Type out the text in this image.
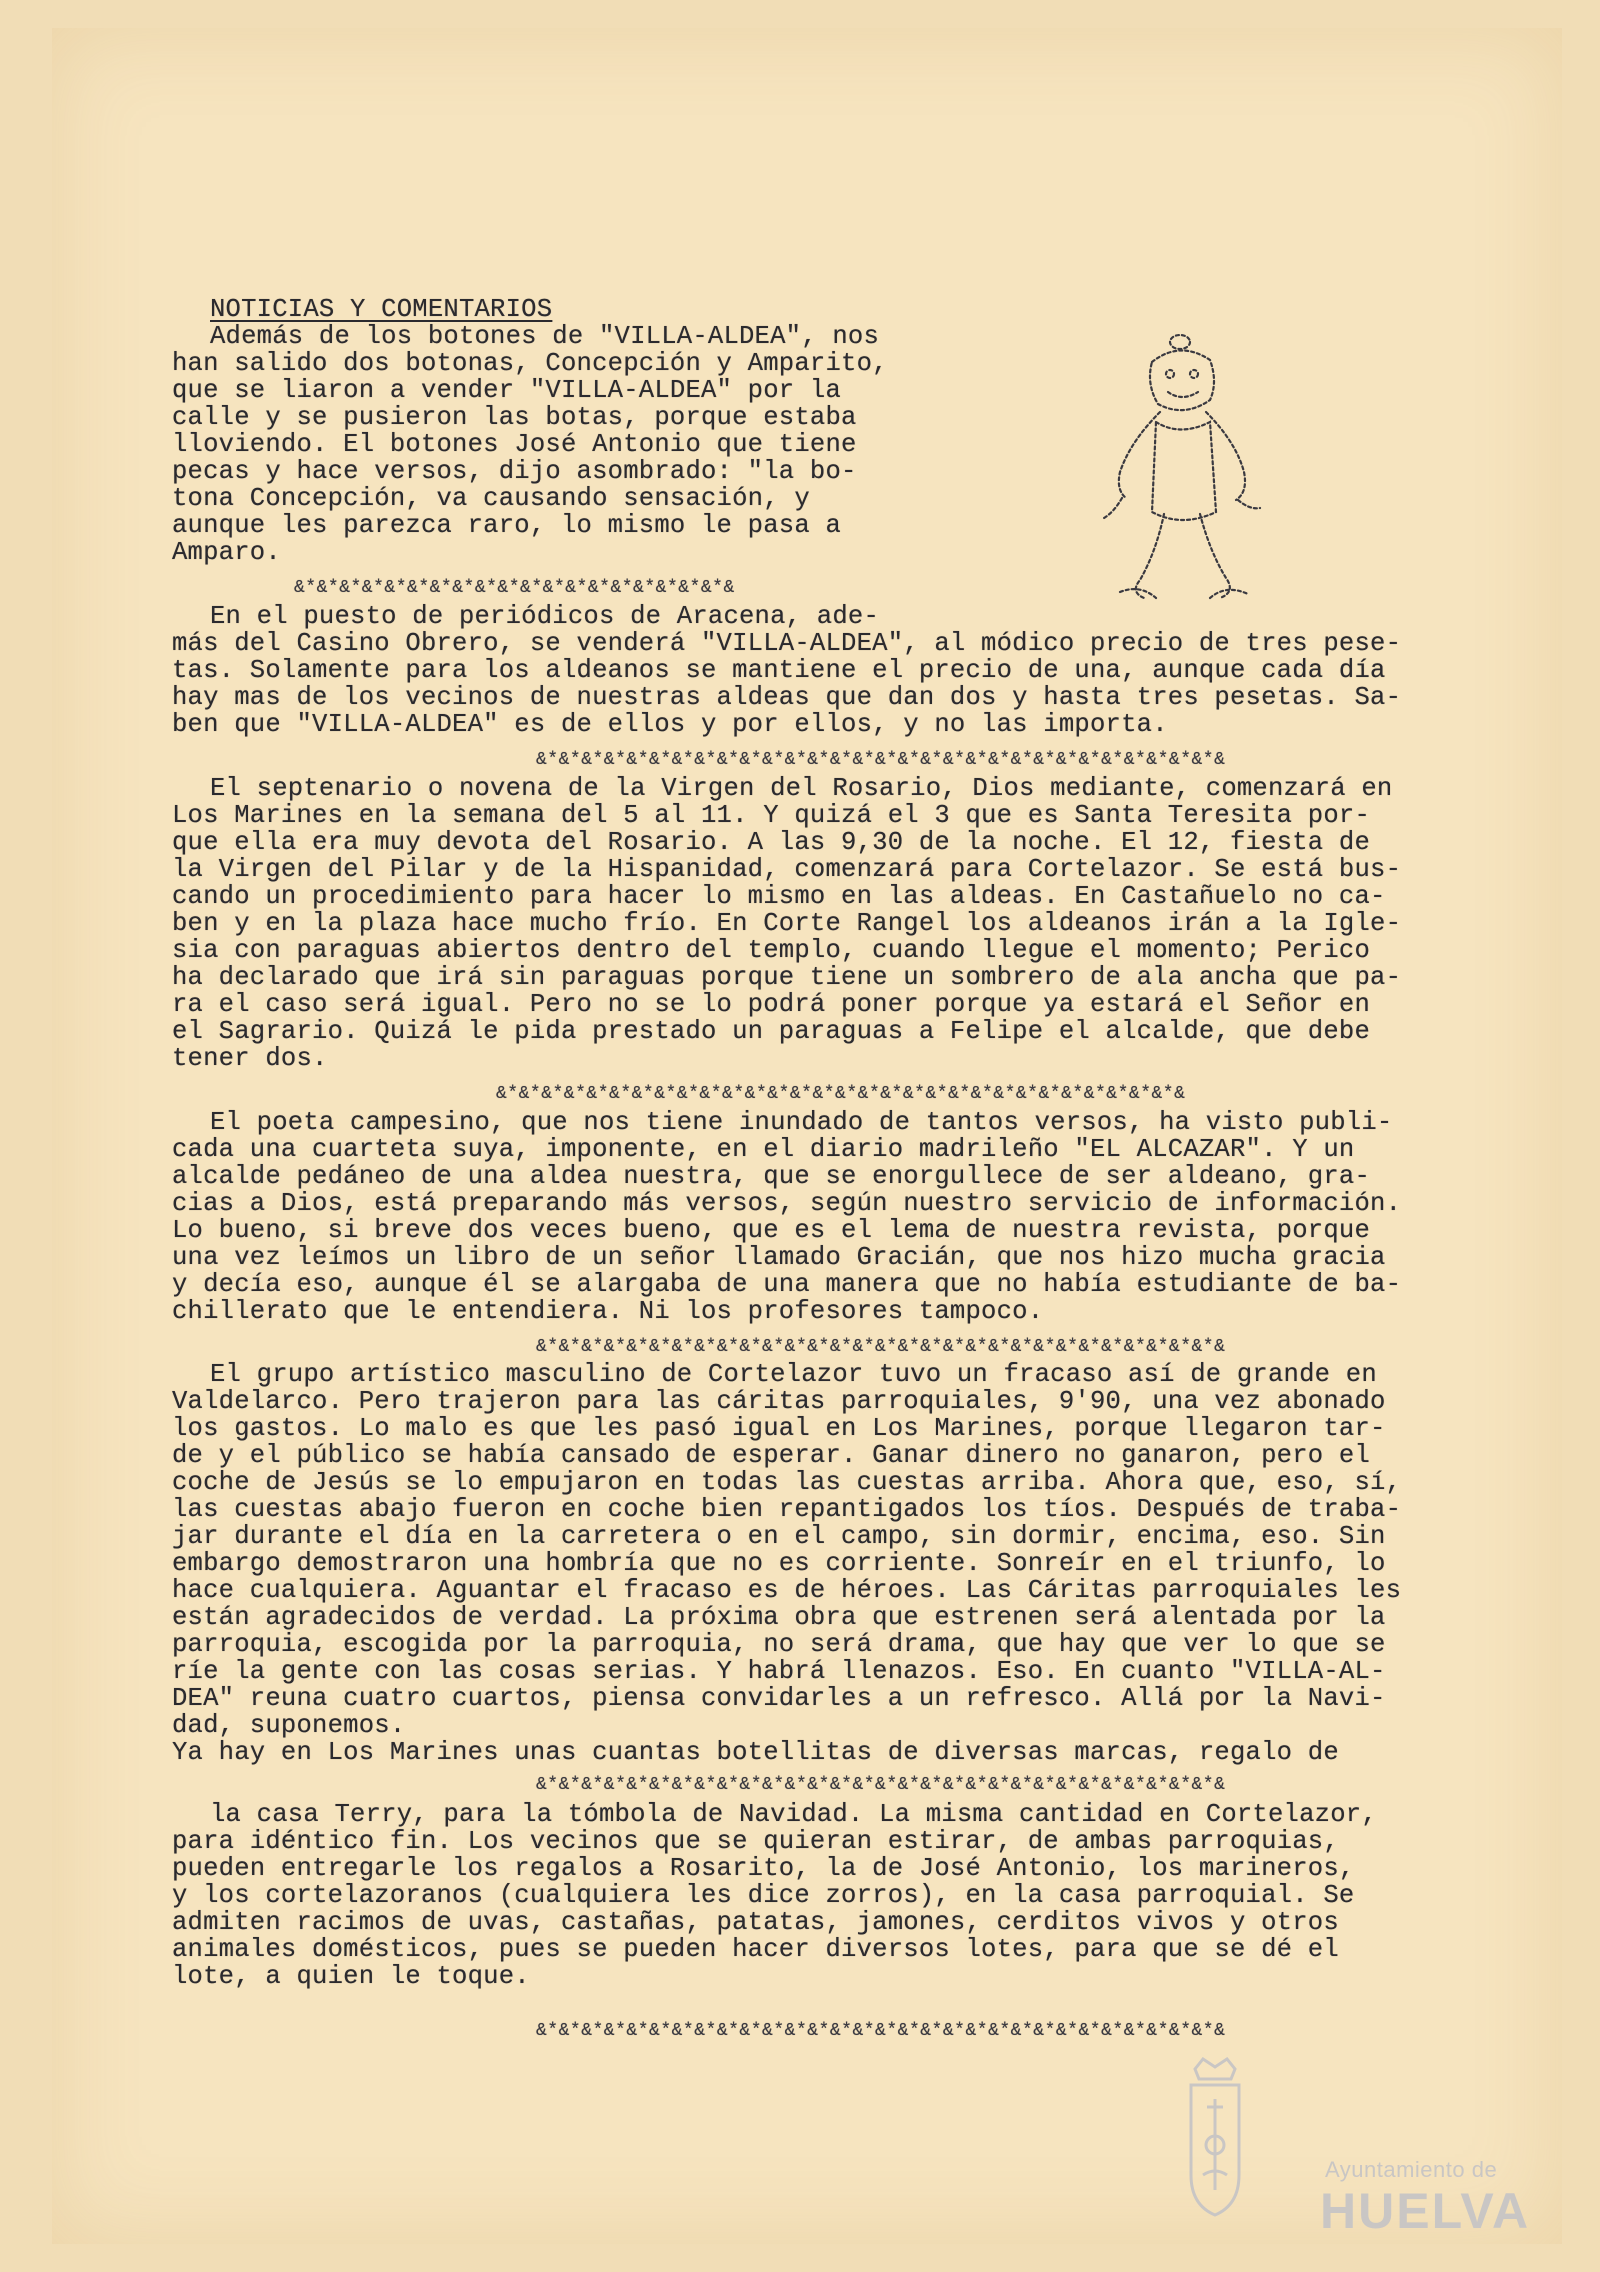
NOTICIAS Y COMENTARIOS
Además de los botones de "VILLA-ALDEA", nos
han salido dos botonas, Concepción y Amparito,
que se liaron a vender "VILLA-ALDEA" por la
calle y se pusieron las botas, porque estaba
lloviendo. El botones José Antonio que tiene
pecas y hace versos, dijo asombrado: "la bo-
tona Concepción, va causando sensación, y
aunque les parezca raro, lo mismo le pasa a
Amparo.
&*&*&*&*&*&*&*&*&*&*&*&*&*&*&*&*&*&*&*&
En el puesto de periódicos de Aracena, ade-
más del Casino Obrero, se venderá "VILLA-ALDEA", al módico precio de tres pese-
tas. Solamente para los aldeanos se mantiene el precio de una, aunque cada día
hay mas de los vecinos de nuestras aldeas que dan dos y hasta tres pesetas. Sa-
ben que "VILLA-ALDEA" es de ellos y por ellos, y no las importa.
&*&*&*&*&*&*&*&*&*&*&*&*&*&*&*&*&*&*&*&*&*&*&*&*&*&*&*&*&*&*&
El septenario o novena de la Virgen del Rosario, Dios mediante, comenzará en
Los Marines en la semana del 5 al 11. Y quizá el 3 que es Santa Teresita por-
que ella era muy devota del Rosario. A las 9,30 de la noche. El 12, fiesta de
la Virgen del Pilar y de la Hispanidad, comenzará para Cortelazor. Se está bus-
cando un procedimiento para hacer lo mismo en las aldeas. En Castañuelo no ca-
ben y en la plaza hace mucho frío. En Corte Rangel los aldeanos irán a la Igle-
sia con paraguas abiertos dentro del templo, cuando llegue el momento; Perico
ha declarado que irá sin paraguas porque tiene un sombrero de ala ancha que pa-
ra el caso será igual. Pero no se lo podrá poner porque ya estará el Señor en
el Sagrario. Quizá le pida prestado un paraguas a Felipe el alcalde, que debe
tener dos.
&*&*&*&*&*&*&*&*&*&*&*&*&*&*&*&*&*&*&*&*&*&*&*&*&*&*&*&*&*&*&
El poeta campesino, que nos tiene inundado de tantos versos, ha visto publi-
cada una cuarteta suya, imponente, en el diario madrileño "EL ALCAZAR". Y un
alcalde pedáneo de una aldea nuestra, que se enorgullece de ser aldeano, gra-
cias a Dios, está preparando más versos, según nuestro servicio de información.
Lo bueno, si breve dos veces bueno, que es el lema de nuestra revista, porque
una vez leímos un libro de un señor llamado Gracián, que nos hizo mucha gracia
y decía eso, aunque él se alargaba de una manera que no había estudiante de ba-
chillerato que le entendiera. Ni los profesores tampoco.
&*&*&*&*&*&*&*&*&*&*&*&*&*&*&*&*&*&*&*&*&*&*&*&*&*&*&*&*&*&*&
El grupo artístico masculino de Cortelazor tuvo un fracaso así de grande en
Valdelarco. Pero trajeron para las cáritas parroquiales, 9'90, una vez abonado
los gastos. Lo malo es que les pasó igual en Los Marines, porque llegaron tar-
de y el público se había cansado de esperar. Ganar dinero no ganaron, pero el
coche de Jesús se lo empujaron en todas las cuestas arriba. Ahora que, eso, sí,
las cuestas abajo fueron en coche bien repantigados los tíos. Después de traba-
jar durante el día en la carretera o en el campo, sin dormir, encima, eso. Sin
embargo demostraron una hombría que no es corriente. Sonreír en el triunfo, lo
hace cualquiera. Aguantar el fracaso es de héroes. Las Cáritas parroquiales les
están agradecidos de verdad. La próxima obra que estrenen será alentada por la
parroquia, escogida por la parroquia, no será drama, que hay que ver lo que se
ríe la gente con las cosas serias. Y habrá llenazos. Eso. En cuanto "VILLA-AL-
DEA" reuna cuatro cuartos, piensa convidarles a un refresco. Allá por la Navi-
dad, suponemos.
Ya hay en Los Marines unas cuantas botellitas de diversas marcas, regalo de
&*&*&*&*&*&*&*&*&*&*&*&*&*&*&*&*&*&*&*&*&*&*&*&*&*&*&*&*&*&*&
la casa Terry, para la tómbola de Navidad. La misma cantidad en Cortelazor,
para idéntico fin. Los vecinos que se quieran estirar, de ambas parroquias,
pueden entregarle los regalos a Rosarito, la de José Antonio, los marineros,
y los cortelazoranos (cualquiera les dice zorros), en la casa parroquial. Se
admiten racimos de uvas, castañas, patatas, jamones, cerditos vivos y otros
animales domésticos, pues se pueden hacer diversos lotes, para que se dé el
lote, a quien le toque.
&*&*&*&*&*&*&*&*&*&*&*&*&*&*&*&*&*&*&*&*&*&*&*&*&*&*&*&*&*&*&
Ayuntamiento de
HUELVA
